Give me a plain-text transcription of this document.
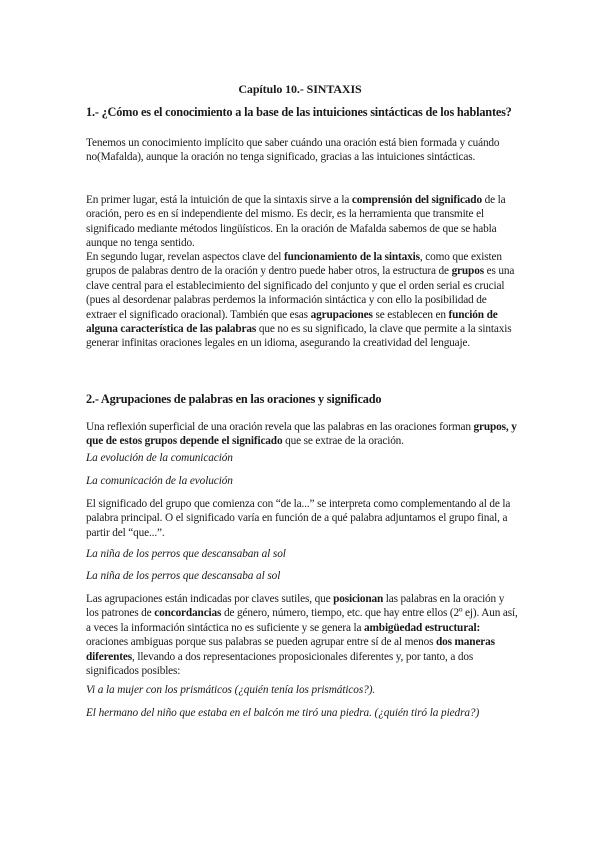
Capítulo 10.- SINTAXIS
1.- ¿Cómo es el conocimiento a la base de las intuiciones sintácticas de los hablantes?
Tenemos un conocimiento implícito que saber cuándo una oración está bien formada y cuándo no(Mafalda), aunque la oración no tenga significado, gracias a las intuiciones sintácticas.
En primer lugar, está la intuición de que la sintaxis sirve a la comprensión del significado de la oración, pero es en sí independiente del mismo. Es decir, es la herramienta que transmite el significado mediante métodos lingüísticos. En la oración de Mafalda sabemos de que se habla aunque no tenga sentido.
En segundo lugar, revelan aspectos clave del funcionamiento de la sintaxis, como que existen grupos de palabras dentro de la oración y dentro puede haber otros, la estructura de grupos es una clave central para el establecimiento del significado del conjunto y que el orden serial es crucial (pues al desordenar palabras perdemos la información sintáctica y con ello la posibilidad de extraer el significado oracional). También que esas agrupaciones se establecen en función de alguna característica de las palabras que no es su significado, la clave que permite a la sintaxis generar infinitas oraciones legales en un idioma, asegurando la creatividad del lenguaje.
2.- Agrupaciones de palabras en las oraciones y significado
Una reflexión superficial de una oración revela que las palabras en las oraciones forman grupos, y que de estos grupos depende el significado que se extrae de la oración.
La evolución de la comunicación
La comunicación de la evolución
El significado del grupo que comienza con “de la...” se interpreta como complementando al de la palabra principal. O el significado varía en función de a qué palabra adjuntamos el grupo final, a partir del “que...”.
La niña de los perros que descansaban al sol
La niña de los perros que descansaba al sol
Las agrupaciones están indicadas por claves sutiles, que posicionan las palabras en la oración y los patrones de concordancias de género, número, tiempo, etc. que hay entre ellos (2º ej). Aun así, a veces la información sintáctica no es suficiente y se genera la ambigüedad estructural: oraciones ambiguas porque sus palabras se pueden agrupar entre sí de al menos dos maneras diferentes, llevando a dos representaciones proposicionales diferentes y, por tanto, a dos significados posibles:
Vi a la mujer con los prismáticos (¿quién tenía los prismáticos?).
El hermano del niño que estaba en el balcón me tiró una piedra. (¿quién tiró la piedra?)
